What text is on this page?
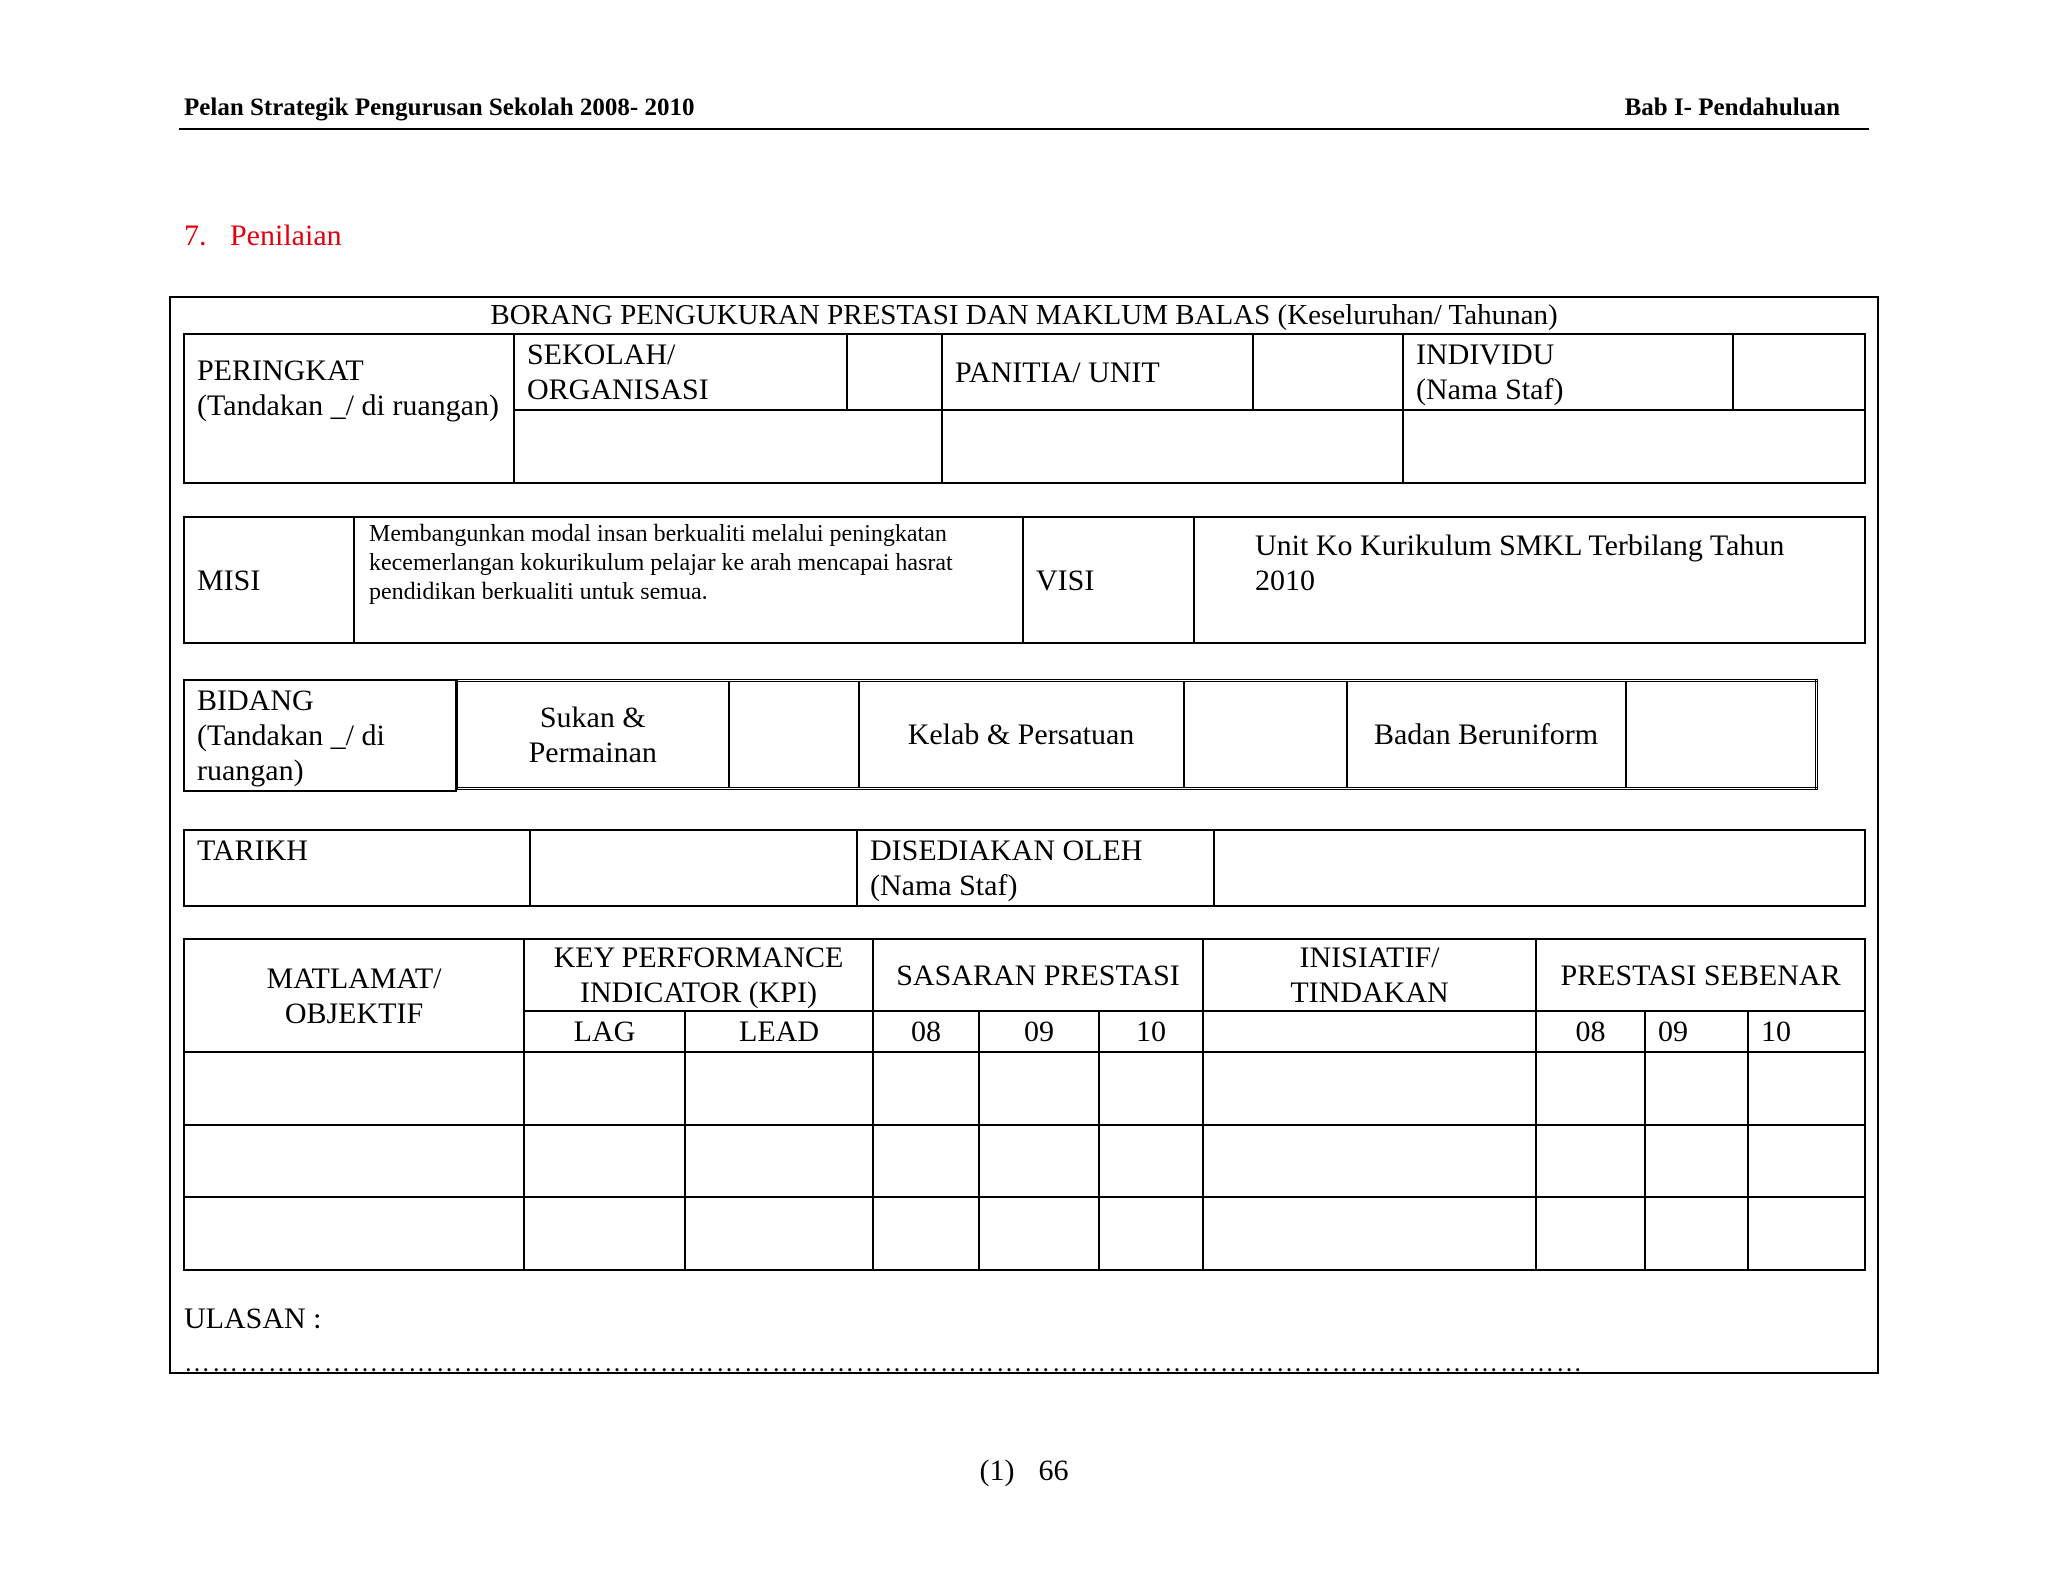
Pelan Strategik Pengurusan Sekolah 2008- 2010	Bab I- Pendahuluan
7. Penilaian
BORANG PENGUKURAN PRESTASI DAN MAKLUM BALAS (Keseluruhan/ Tahunan)
PERINGKAT
(Tandakan _/ di ruangan)	SEKOLAH/ ORGANISASI		PANITIA/ UNIT		INDIVIDU
(Nama Staf)	

MISI	Membangunkan modal insan berkualiti melalui peningkatan kecemerlangan kokurikulum pelajar ke arah mencapai hasrat pendidikan berkualiti untuk semua.	VISI	Unit Ko Kurikulum SMKL Terbilang Tahun 2010
BIDANG
(Tandakan _/ di ruangan)
Sukan & Permainan		Kelab & Persatuan		Badan Beruniform	
TARIKH		DISEDIAKAN OLEH
(Nama Staf)	
MATLAMAT/ OBJEKTIF	KEY PERFORMANCE INDICATOR (KPI)		SASARAN PRESTASI			INISIATIF/ TINDAKAN	PRESTASI SEBENAR		
	LAG	LEAD	08	09	10		08	09	10

ULASAN :
……………………………………………………………………………………………………………………………………
(1) 66
